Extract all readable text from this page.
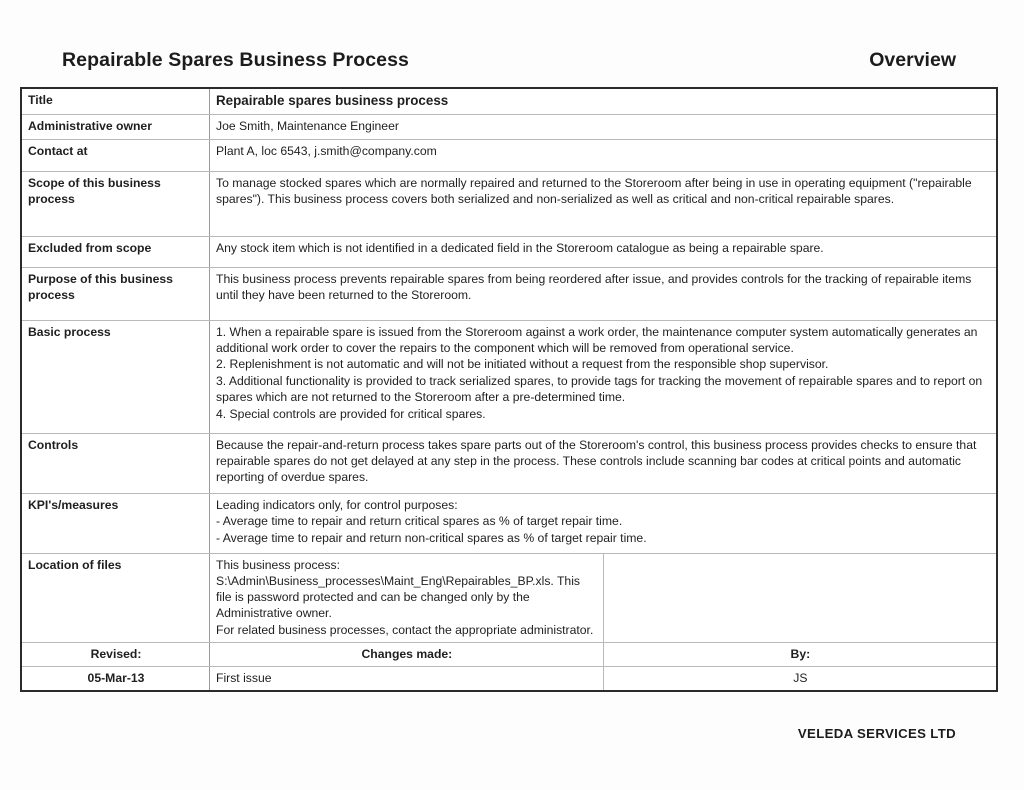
Repairable Spares Business Process	Overview
Title	Repairable spares business process	
Administrative owner	Joe Smith, Maintenance Engineer	
Contact at	Plant A, loc 6543, j.smith@company.com	
Scope of this business process	To manage stocked spares which are normally repaired and returned to the Storeroom after being in use in operating equipment ("repairable spares"). This business process covers both serialized and non-serialized as well as critical and non-critical repairable spares.	
Excluded from scope	Any stock item which is not identified in a dedicated field in the Storeroom catalogue as being a repairable spare.	
Purpose of this business process	This business process prevents repairable spares from being reordered after issue, and provides controls for the tracking of repairable items until they have been returned to the Storeroom.	
Basic process	1. When a repairable spare is issued from the Storeroom against a work order, the maintenance computer system automatically generates an additional work order to cover the repairs to the component which will be removed from operational service.

2. Replenishment is not automatic and will not be initiated without a request from the responsible shop supervisor.

3. Additional functionality is provided to track serialized spares, to provide tags for tracking the movement of repairable spares and to report on spares which are not returned to the Storeroom after a pre-determined time.

4. Special controls are provided for critical spares.	

Controls	Because the repair-and-return process takes spare parts out of the Storeroom's control, this business process provides checks to ensure that repairable spares do not get delayed at any step in the process. These controls include scanning bar codes at critical points and automatic reporting of overdue spares.	
KPI's/measures	Leading indicators only, for control purposes:

- Average time to repair and return critical spares as % of target repair time.

- Average time to repair and return non-critical spares as % of target repair time.	

Location of files	This business process: S:\Admin\Business_processes\Maint_Eng\Repairables_BP.xls. This file is password protected and can be changed only by the Administrative owner.

For related business processes, contact the appropriate administrator.	

Revised:	Changes made:	By:
05-Mar-13	First issue	JS
VELEDA SERVICES LTD
